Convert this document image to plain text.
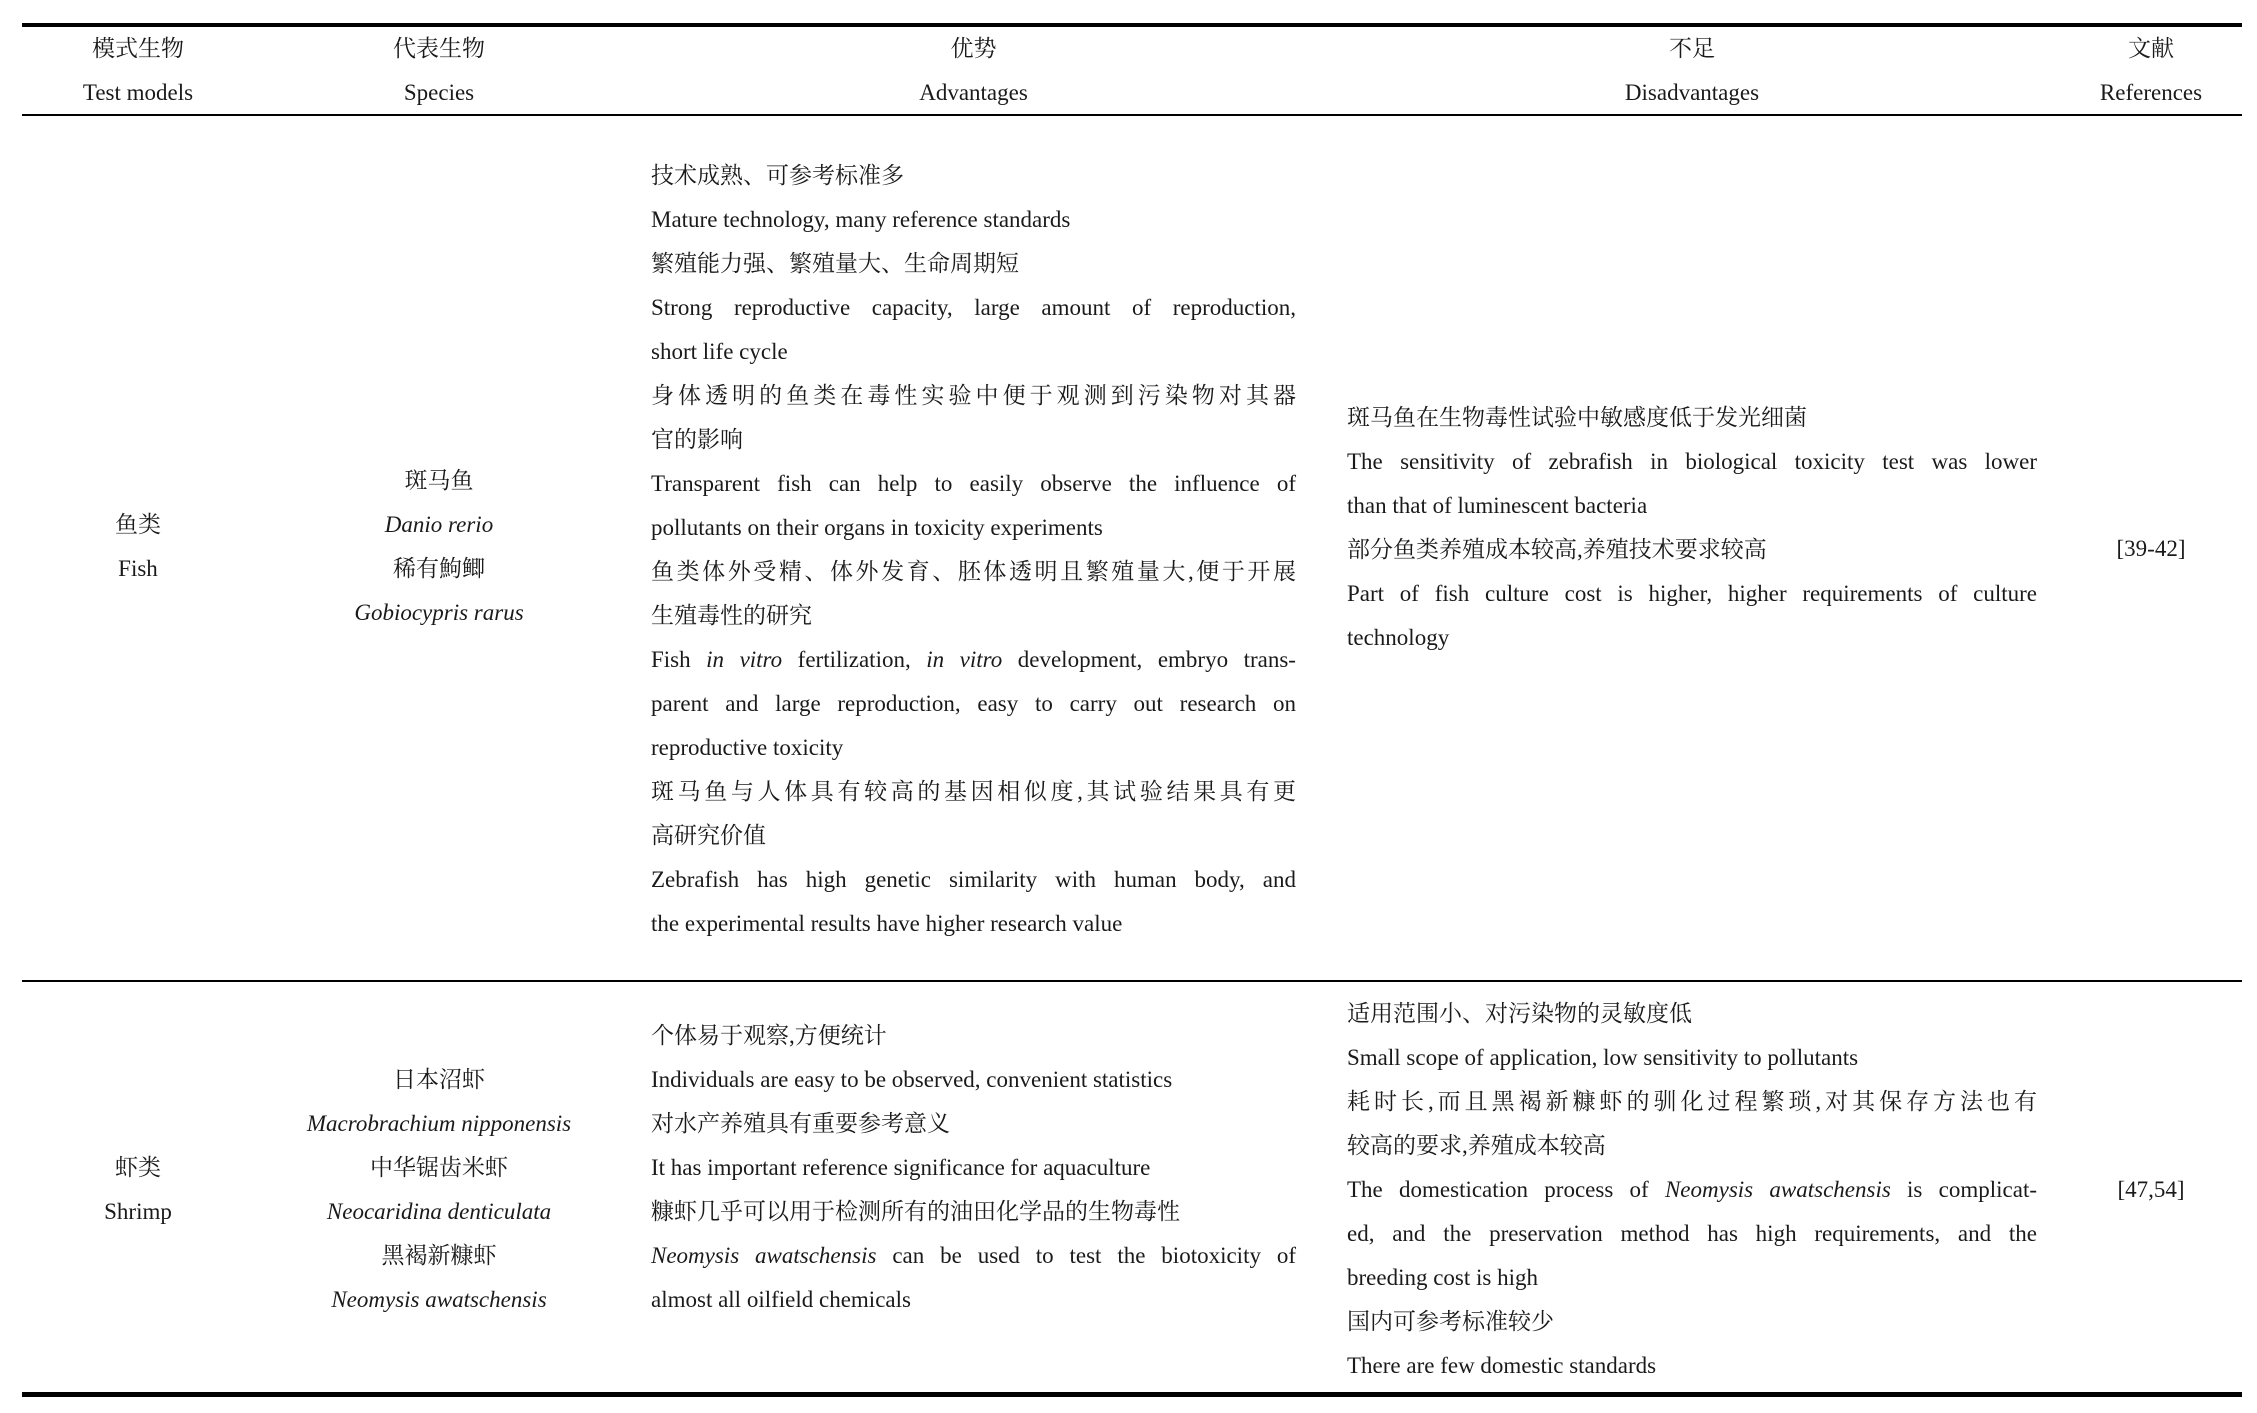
模式生物
Test models
代表生物
Species
优势
Advantages
不足
Disadvantages
文献
References
鱼类
Fish
斑马鱼
Danio rerio
稀有鮈鲫
Gobiocypris rarus
技术成熟、可参考标准多
Mature technology, many reference standards
繁殖能力强、繁殖量大、生命周期短
Strong reproductive capacity, large amount of reproduction,
short life cycle
身体透明的鱼类在毒性实验中便于观测到污染物对其器
官的影响
Transparent fish can help to easily observe the influence of
pollutants on their organs in toxicity experiments
鱼类体外受精、体外发育、胚体透明且繁殖量大,便于开展
生殖毒性的研究
Fish in vitro fertilization, in vitro development, embryo trans-
parent and large reproduction, easy to carry out research on
reproductive toxicity
斑马鱼与人体具有较高的基因相似度,其试验结果具有更
高研究价值
Zebrafish has high genetic similarity with human body, and
the experimental results have higher research value
斑马鱼在生物毒性试验中敏感度低于发光细菌
The sensitivity of zebrafish in biological toxicity test was lower
than that of luminescent bacteria
部分鱼类养殖成本较高,养殖技术要求较高
Part of fish culture cost is higher, higher requirements of culture
technology
[39-42]
虾类
Shrimp
日本沼虾
Macrobrachium nipponensis
中华锯齿米虾
Neocaridina denticulata
黑褐新糠虾
Neomysis awatschensis
个体易于观察,方便统计
Individuals are easy to be observed, convenient statistics
对水产养殖具有重要参考意义
It has important reference significance for aquaculture
糠虾几乎可以用于检测所有的油田化学品的生物毒性
Neomysis awatschensis can be used to test the biotoxicity of
almost all oilfield chemicals
适用范围小、对污染物的灵敏度低
Small scope of application, low sensitivity to pollutants
耗时长,而且黑褐新糠虾的驯化过程繁琐,对其保存方法也有
较高的要求,养殖成本较高
The domestication process of Neomysis awatschensis is complicat-
ed, and the preservation method has high requirements, and the
breeding cost is high
国内可参考标准较少
There are few domestic standards
[47,54]
